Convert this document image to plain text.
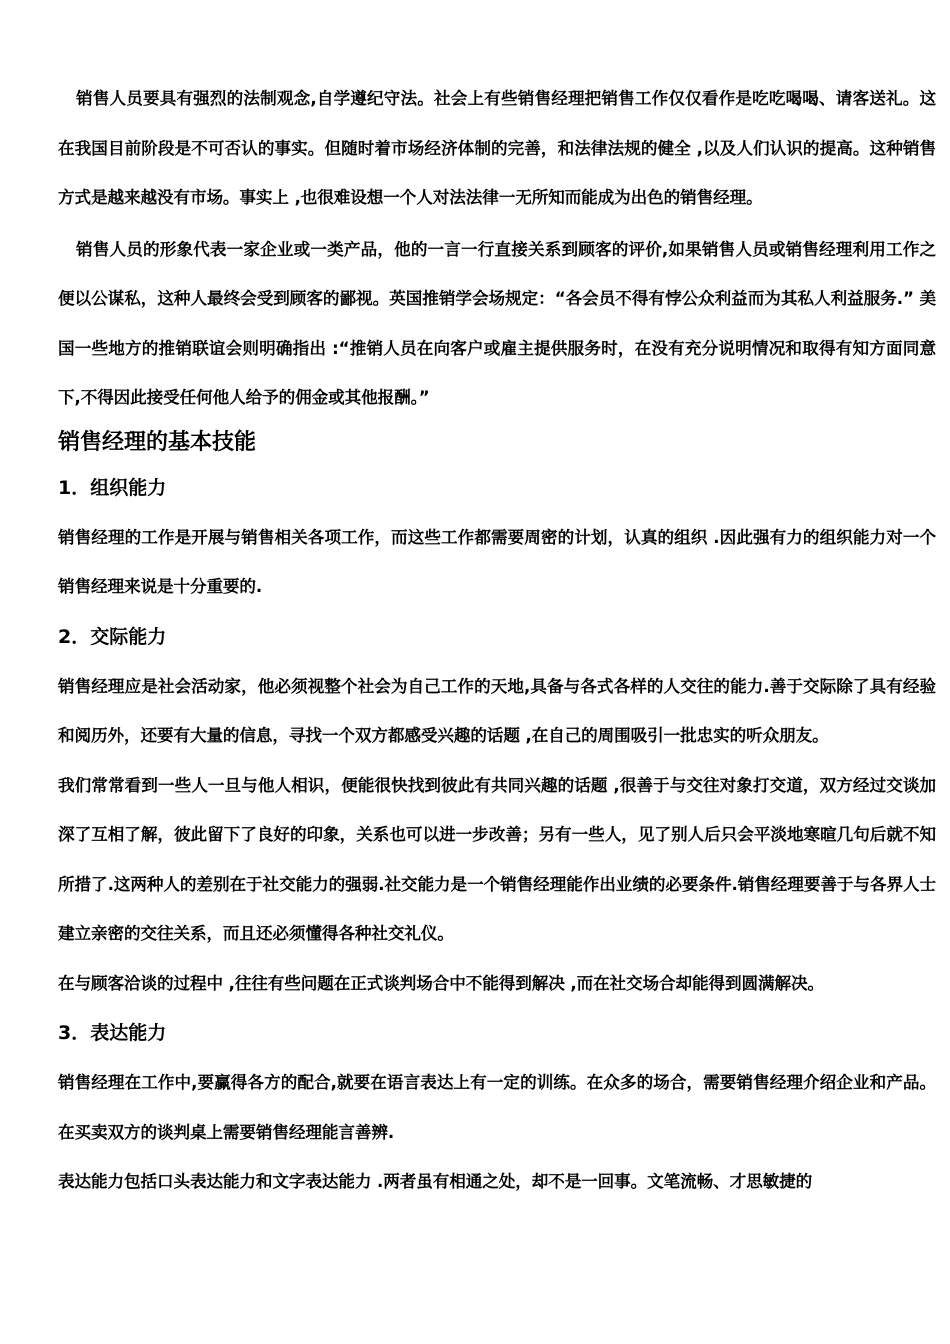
销售人员要具有强烈的法制观念,自学遵纪守法。社会上有些销售经理把销售工作仅仅看作是吃吃喝喝、请客送礼。这在我国目前阶段是不可否认的事实。但随时着市场经济体制的完善，和法律法规的健全 ,以及人们认识的提高。这种销售方式是越来越没有市场。事实上 ,也很难设想一个人对法法律一无所知而能成为出色的销售经理。

销售人员的形象代表一家企业或一类产品，他的一言一行直接关系到顾客的评价,如果销售人员或销售经理利用工作之便以公谋私，这种人最终会受到顾客的鄙视。英国推销学会场规定：“各会员不得有悖公众利益而为其私人利益服务.” 美国一些地方的推销联谊会则明确指出 :“推销人员在向客户或雇主提供服务时，在没有充分说明情况和取得有知方面同意下,不得因此接受任何他人给予的佣金或其他报酬。”

销售经理的基本技能
1．组织能力

销售经理的工作是开展与销售相关各项工作，而这些工作都需要周密的计划，认真的组织 .因此强有力的组织能力对一个销售经理来说是十分重要的.

2．交际能力

销售经理应是社会活动家，他必须视整个社会为自己工作的天地,具备与各式各样的人交往的能力.善于交际除了具有经验和阅历外，还要有大量的信息，寻找一个双方都感受兴趣的话题 ,在自己的周围吸引一批忠实的听众朋友。

我们常常看到一些人一旦与他人相识，便能很快找到彼此有共同兴趣的话题 ,很善于与交往对象打交道，双方经过交谈加深了互相了解，彼此留下了良好的印象，关系也可以进一步改善；另有一些人，见了别人后只会平淡地寒暄几句后就不知所措了.这两种人的差别在于社交能力的强弱.社交能力是一个销售经理能作出业绩的必要条件.销售经理要善于与各界人士建立亲密的交往关系，而且还必须懂得各种社交礼仪。

在与顾客洽谈的过程中 ,往往有些问题在正式谈判场合中不能得到解决 ,而在社交场合却能得到圆满解决。

3．表达能力

销售经理在工作中,要赢得各方的配合,就要在语言表达上有一定的训练。在众多的场合，需要销售经理介绍企业和产品。在买卖双方的谈判桌上需要销售经理能言善辨.

表达能力包括口头表达能力和文字表达能力 .两者虽有相通之处，却不是一回事。文笔流畅、才思敏捷的
